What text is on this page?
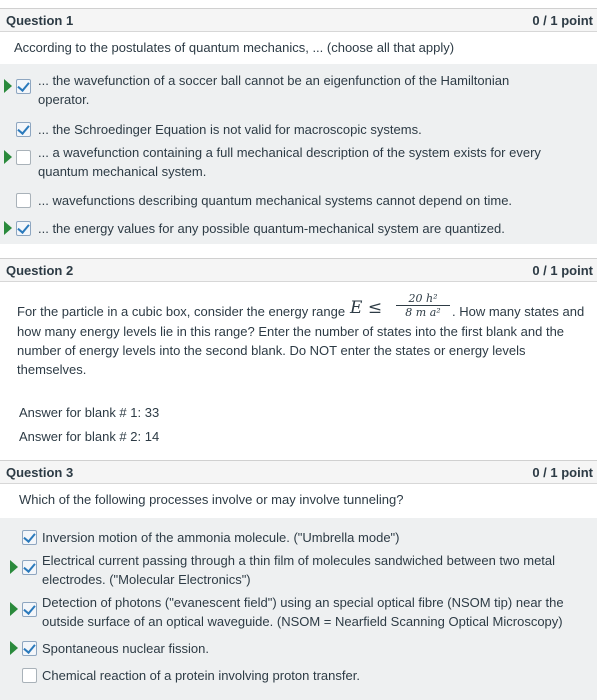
Question 1	0 / 1 point
According to the postulates of quantum mechanics, ... (choose all that apply)
... the wavefunction of a soccer ball cannot be an eigenfunction of the Hamiltonian
operator.
... the Schroedinger Equation is not valid for macroscopic systems.
... a wavefunction containing a full mechanical description of the system exists for every
quantum mechanical system.
... wavefunctions describing quantum mechanical systems cannot depend on time.
... the energy values for any possible quantum-mechanical system are quantized.
Question 2	0 / 1 point
For the particle in a cubic box, consider the energy range $E \le \frac{\text{20 h²}}{\text{8 m a²}}$ . How many states and
how many energy levels lie in this range? Enter the number of states into the first blank and the
number of energy levels into the second blank. Do NOT enter the states or energy levels
themselves.
Answer for blank # 1: 33
Answer for blank # 2: 14
Question 3	0 / 1 point
Which of the following processes involve or may involve tunneling?
Inversion motion of the ammonia molecule. ("Umbrella mode")
Electrical current passing through a thin film of molecules sandwiched between two metal
electrodes. ("Molecular Electronics")
Detection of photons ("evanescent field") using an special optical fibre (NSOM tip) near the
outside surface of an optical waveguide. (NSOM = Nearfield Scanning Optical Microscopy)
Spontaneous nuclear fission.
Chemical reaction of a protein involving proton transfer.
